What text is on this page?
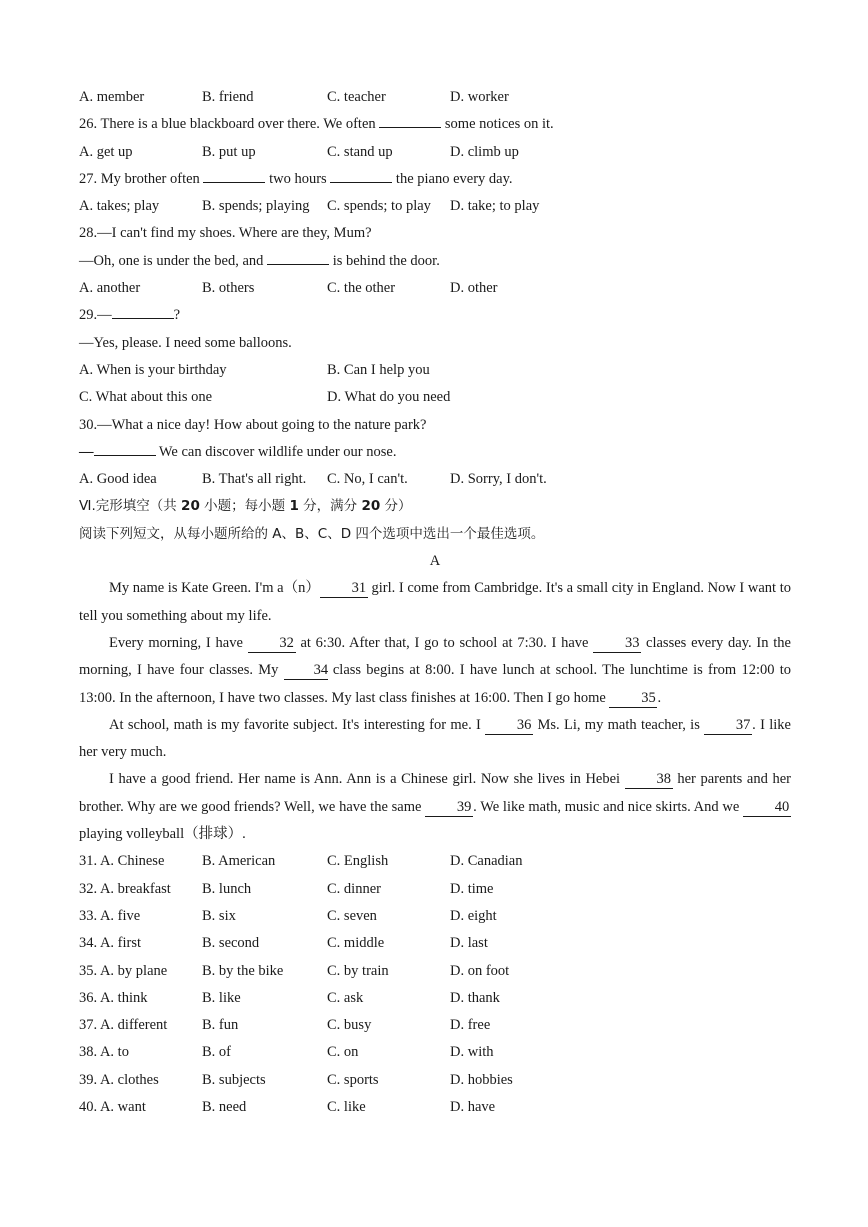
A. member	B. friend	C. teacher	D. worker
26. There is a blue blackboard over there. We often	some notices on it.
A. get up	B. put up	C. stand up	D. climb up
27. My brother often	two hours	the piano every day.
A. takes; play	B. spends; playing C. spends; to play D. take; to play
28.—I can't find my shoes. Where are they, Mum?
—Oh, one is under the bed, and	is behind the door.
A. another	B. others	C. the other	D. other
29.—	?
—Yes, please. I need some balloons.
A. When is your birthday	B. Can I help you
C. What about this one	D. What do you need
30.—What a nice day! How about going to the nature park?
—	We can discover wildlife under our nose.
A. Good idea	B. That's all right. C. No, I can't.	D. Sorry, I don't.
Ⅵ.完形填空（共 20 小题；每小题 1 分，满分 20 分）
阅读下列短文，从每小题所给的 A、B、C、D 四个选项中选出一个最佳选项。
A
My name is Kate Green. I'm a（n） 31 girl. I come from Cambridge. It's a small city in England. Now I want to tell you something about my life.
Every morning, I have 32 at 6:30. After that, I go to school at 7:30. I have 33 classes every day. In the morning, I have four classes. My 34 class begins at 8:00. I have lunch at school. The lunchtime is from 12:00 to 13:00. In the afternoon, I have two classes. My last class finishes at 16:00. Then I go home 35 .
At school, math is my favorite subject. It's interesting for me. I 36 Ms. Li, my math teacher, is 37 . I like her very much.
I have a good friend. Her name is Ann. Ann is a Chinese girl. Now she lives in Hebei 38 her parents and her brother. Why are we good friends? Well, we have the same 39 . We like math, music and nice skirts. And we 40 playing volleyball（排球）.
31. A. Chinese	B. American	C. English	D. Canadian
32. A. breakfast B. lunch	C. dinner	D. time
33. A. five	B. six	C. seven	D. eight
34. A. first	B. second	C. middle	D. last
35. A. by plane B. by the bike	C. by train	D. on foot
36. A. think	B. like	C. ask	D. thank
37. A. different B. fun	C. busy	D. free
38. A. to	B. of	C. on	D. with
39. A. clothes	B. subjects	C. sports	D. hobbies
40. A. want	B. need	C. like	D. have
